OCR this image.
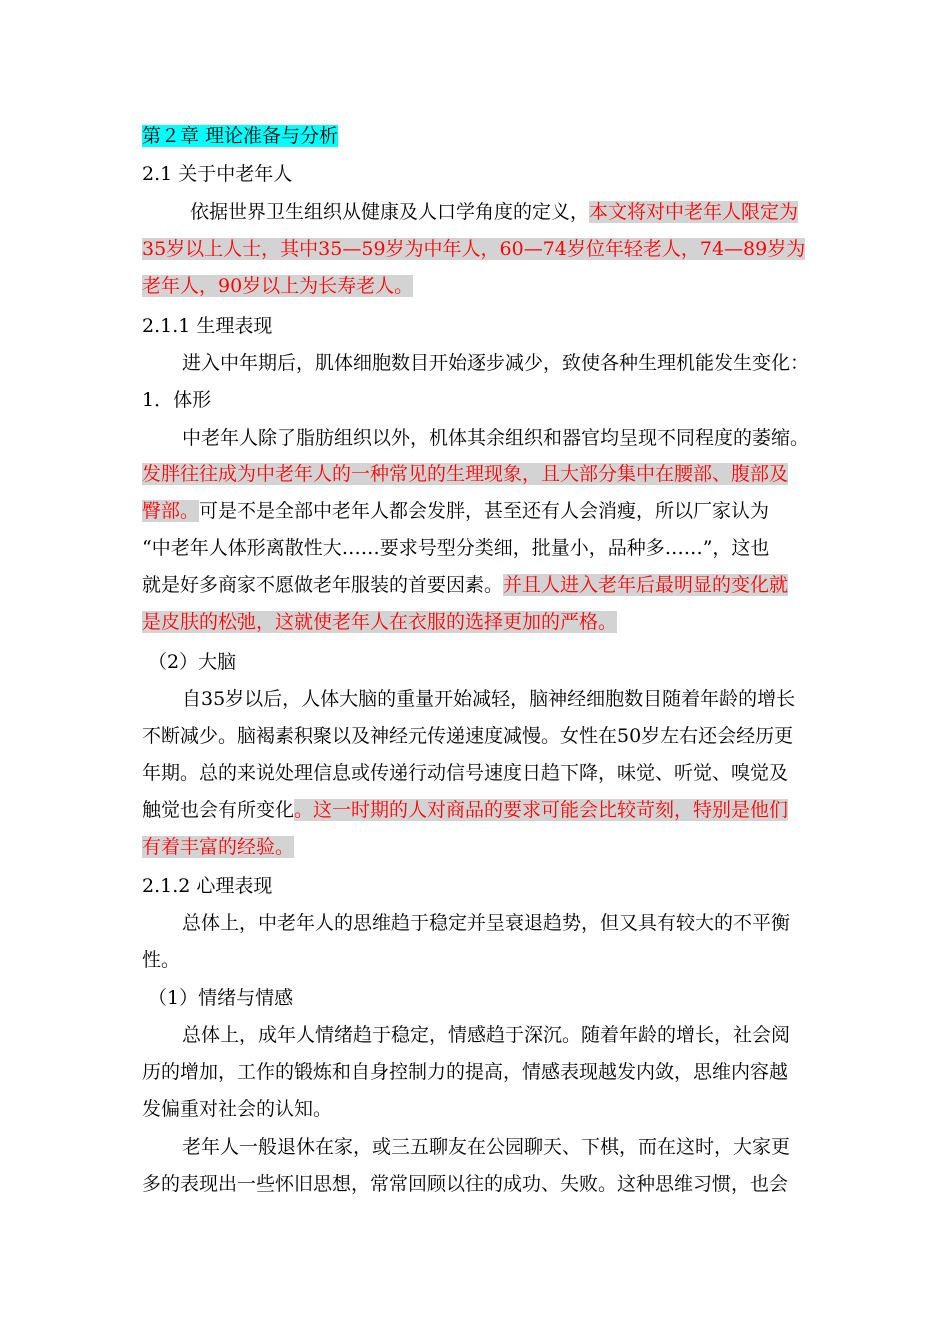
第２章 理论准备与分析
2.1 关于中老年人
依据世界卫生组织从健康及人口学角度的定义，本文将对中老年人限定为
35岁以上人士，其中35—59岁为中年人，60—74岁位年轻老人，74—89岁为
老年人，90岁以上为长寿老人。
2.1.1 生理表现
进入中年期后，肌体细胞数目开始逐步减少，致使各种生理机能发生变化：
1．体形
中老年人除了脂肪组织以外，机体其余组织和器官均呈现不同程度的萎缩。
发胖往往成为中老年人的一种常见的生理现象，且大部分集中在腰部、腹部及
臀部。可是不是全部中老年人都会发胖，甚至还有人会消瘦，所以厂家认为
“中老年人体形离散性大……要求号型分类细，批量小，品种多……”，这也
就是好多商家不愿做老年服装的首要因素。并且人进入老年后最明显的变化就
是皮肤的松弛，这就使老年人在衣服的选择更加的严格。
（2）大脑
自35岁以后，人体大脑的重量开始减轻，脑神经细胞数目随着年龄的增长
不断减少。脑褐素积聚以及神经元传递速度减慢。女性在50岁左右还会经历更
年期。总的来说处理信息或传递行动信号速度日趋下降，味觉、听觉、嗅觉及
触觉也会有所变化。这一时期的人对商品的要求可能会比较苛刻，特别是他们
有着丰富的经验。
2.1.2 心理表现
总体上，中老年人的思维趋于稳定并呈衰退趋势，但又具有较大的不平衡
性。
（1）情绪与情感
总体上，成年人情绪趋于稳定，情感趋于深沉。随着年龄的增长，社会阅
历的增加，工作的锻炼和自身控制力的提高，情感表现越发内敛，思维内容越
发偏重对社会的认知。
老年人一般退休在家，或三五聊友在公园聊天、下棋，而在这时，大家更
多的表现出一些怀旧思想，常常回顾以往的成功、失败。这种思维习惯，也会
